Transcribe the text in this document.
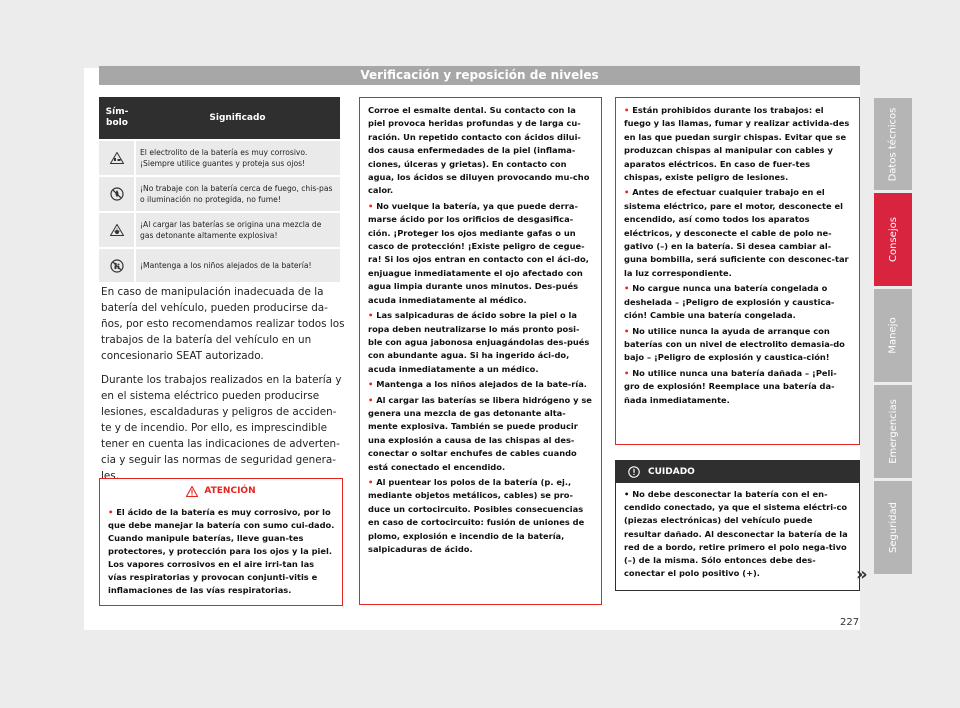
Verificación y reposición de niveles
Sím-
bolo	Significado

	El electrolito de la batería es muy corrosivo. ¡Siempre utilice guantes y proteja sus ojos!

	¡No trabaje con la batería cerca de fuego, chis-pas o iluminación no protegida, no fume!

	¡Al cargar las baterías se origina una mezcla de gas detonante altamente explosiva!

	¡Mantenga a los niños alejados de la batería!

En caso de manipulación inadecuada de la batería del vehículo, pueden producirse da-ños, por esto recomendamos realizar todos los trabajos de la batería del vehículo en un concesionario SEAT autorizado.

Durante los trabajos realizados en la batería y en el sistema eléctrico pueden producirse lesiones, escaldaduras y peligros de acciden-te y de incendio. Por ello, es imprescindible tener en cuenta las indicaciones de adverten-cia y seguir las normas de seguridad genera-les.

ATENCIÓN
• El ácido de la batería es muy corrosivo, por lo que debe manejar la batería con sumo cui-dado. Cuando manipule baterías, lleve guan-tes protectores, y protección para los ojos y la piel. Los vapores corrosivos en el aire irri-tan las vías respiratorias y provocan conjunti-vitis e inflamaciones de las vías respiratorias.
Corroe el esmalte dental. Su contacto con la piel provoca heridas profundas y de larga cu-ración. Un repetido contacto con ácidos dilui-dos causa enfermedades de la piel (inflama-ciones, úlceras y grietas). En contacto con agua, los ácidos se diluyen provocando mu-cho calor.
• No vuelque la batería, ya que puede derra-marse ácido por los orificios de desgasifica-ción. ¡Proteger los ojos mediante gafas o un casco de protección! ¡Existe peligro de cegue-ra! Si los ojos entran en contacto con el áci-do, enjuague inmediatamente el ojo afectado con agua limpia durante unos minutos. Des-pués acuda inmediatamente al médico.
• Las salpicaduras de ácido sobre la piel o la ropa deben neutralizarse lo más pronto posi-ble con agua jabonosa enjuagándolas des-pués con abundante agua. Si ha ingerido áci-do, acuda inmediatamente a un médico.
• Mantenga a los niños alejados de la bate-ría.
• Al cargar las baterías se libera hidrógeno y se genera una mezcla de gas detonante alta-mente explosiva. También se puede producir una explosión a causa de las chispas al des-conectar o soltar enchufes de cables cuando está conectado el encendido.
• Al puentear los polos de la batería (p. ej., mediante objetos metálicos, cables) se pro-duce un cortocircuito. Posibles consecuencias en caso de cortocircuito: fusión de uniones de plomo, explosión e incendio de la batería, salpicaduras de ácido.
• Están prohibidos durante los trabajos: el fuego y las llamas, fumar y realizar activida-des en las que puedan surgir chispas. Evitar que se produzcan chispas al manipular con cables y aparatos eléctricos. En caso de fuer-tes chispas, existe peligro de lesiones.
• Antes de efectuar cualquier trabajo en el sistema eléctrico, pare el motor, desconecte el encendido, así como todos los aparatos eléctricos, y desconecte el cable de polo ne-gativo (–) en la batería. Si desea cambiar al-guna bombilla, será suficiente con desconec-tar la luz correspondiente.
• No cargue nunca una batería congelada o deshelada – ¡Peligro de explosión y caustica-ción! Cambie una batería congelada.
• No utilice nunca la ayuda de arranque con baterías con un nivel de electrolito demasia-do bajo – ¡Peligro de explosión y caustica-ción!
• No utilice nunca una batería dañada – ¡Peli-gro de explosión! Reemplace una batería da-ñada inmediatamente.
CUIDADO
• No debe desconectar la batería con el en-cendido conectado, ya que el sistema eléctri-co (piezas electrónicas) del vehículo puede resultar dañado. Al desconectar la batería de la red de a bordo, retire primero el polo nega-tivo (–) de la misma. Sólo entonces debe des-conectar el polo positivo (+).	»
Datos técnicos
Consejos
Manejo
Emergencias
Seguridad
227
